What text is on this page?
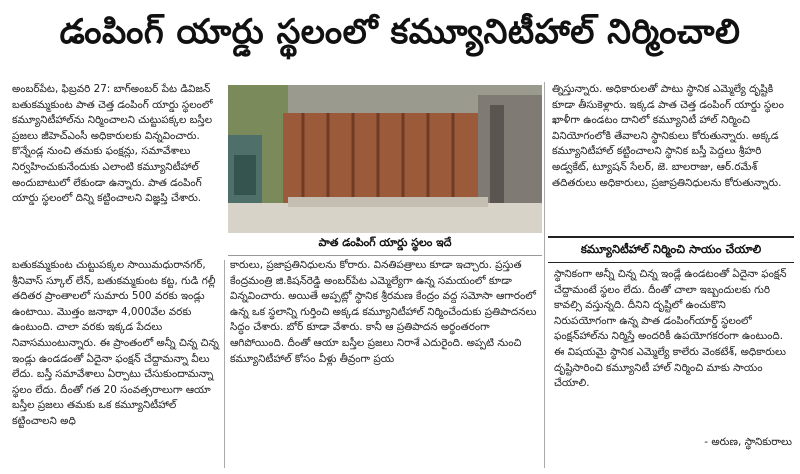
డంపింగ్ యార్డు స్థలంలో కమ్యూనిటీహాల్ నిర్మించాలి

అంబర్‌పేట, ఫిబ్రవరి 27: బాగ్‌అంబర్ పేట డివిజన్ బతుకమ్మకుంట పాత చెత్త డంపింగ్ యార్డు స్థలంలో కమ్యూనిటీహాల్‌ను నిర్మించాలని చుట్టుపక్కల బస్తీల ప్రజలు జీహెచ్ఎంసీ అధికారులకు విన్నవించారు. కొన్నేండ్ల నుంచి తమకు ఫంక్షన్లు, సమావేశాలు నిర్వహించుకునేందుకు ఎలాంటి కమ్యూనిటీహాల్ అందుబాటులో లేకుండా ఉన్నారు. పాత డంపింగ్ యార్డు స్థలంలో దిన్ని కట్టించాలని విజ్ఞప్తి చేశారు.

పాత డంపింగ్ యార్డు స్థలం ఇదే

బతుకమ్మకుంట చుట్టుపక్కల సాయిమధురానగర్, శ్రీనివాస్ స్కూల్ లేన్, బతుకమ్మకుంట కట్ట, గుడి గల్లీ తదితర ప్రాంతాలలో సుమారు 500 వరకు ఇండ్లు ఉంటాయి. మొత్తం జనాభా 4,000వేల వరకు ఉంటుంది. చాలా వరకు ఇక్కడ పేదలు నివాసముంటున్నారు. ఈ ప్రాంతంలో అన్నీ చిన్న చిన్న ఇండ్లు ఉండడంతో ఏదైనా ఫంక్షన్ చేద్దామన్నా వీలు లేదు. బస్తీ సమావేశాలు ఏర్పాటు చేసుకుందామన్నా స్థలం లేదు. దీంతో గత 20 సంవత్సరాలుగా ఆయా బస్తీల ప్రజలు తమకు ఒక కమ్యూనిటీహాల్ కట్టించాలని అధి

కారులు, ప్రజాప్రతినిధులను కోరారు. వినతిపత్రాలు కూడా ఇచ్చారు. ప్రస్తుత కేంద్రమంత్రి జి.కిషన్‌రెడ్డి అంబర్‌పేట ఎమ్మెల్యేగా ఉన్న సమయంలో కూడా విన్నవించారు. అయితే అప్పట్లో స్థానిక శ్రీరమణ కేంద్రం వద్ద సమోసా ఆగారంలో ఉన్న ఒక స్థలాన్ని గుర్తించి అక్కడ కమ్యూనిటీహాల్ నిర్మించేందుకు ప్రతిపాదనలు సిద్ధం చేశారు. బోర్ కూడా వేశారు. కానీ ఆ ప్రతిపాదన అర్థంతరంగా ఆగిపోయింది. దీంతో ఆయా బస్తీల ప్రజలు నిరాశే ఎదురైంది. అప్పటి నుంచి కమ్యూనిటీహాల్ కోసం వీళ్లు తీవ్రంగా ప్రయ

త్నిస్తున్నారు. అధికారులతో పాటు స్థానిక ఎమ్మెల్యే దృష్టికి కూడా తీసుకెళ్లారు. ఇక్కడ పాత చెత్త డంపింగ్ యార్డు స్థలం ఖాళీగా ఉండటం దానిలో కమ్యూనిటీ హాల్ నిర్మించి వినియోగంలోకి తేవాలని స్థానికులు కోరుతున్నారు. అక్కడ కమ్యూనిటీహాల్ కట్టించాలని స్థానిక బస్తీ పెద్దలు శ్రీహరి అడ్వకేట్, ట్యూషన్ సేలర్, జె. బాలరాజు, ఆర్.రమేశ్ తదితరులు అధికారులు, ప్రజాప్రతినిధులను కోరుతున్నారు.

కమ్యూనిటీహాల్ నిర్మించి సాయం చేయాలి
స్థానికంగా అన్నీ చిన్న చిన్న ఇండ్లే ఉండటంతో ఏదైనా ఫంక్షన్ చేద్దామంటే స్థలం లేదు. దీంతో చాలా ఇబ్బందులకు గురి కావల్సి వస్తున్నది. దీనిని దృష్టిలో ఉంచుకొని నిరుపయోగంగా ఉన్న పాత డంపింగ్‌యార్డ్ స్థలంలో ఫంక్షన్‌హాల్‌ను నిర్మిస్తే అందరికీ ఉపయోగకరంగా ఉంటుంది. ఈ విషయమై స్థానిక ఎమ్మెల్యే కాలేరు వెంకటేశ్, అధికారులు దృష్టిసారించి కమ్యూనిటీ హాల్ నిర్మించి మాకు సాయం చేయాలి.
- అరుణ, స్థానికురాలు
